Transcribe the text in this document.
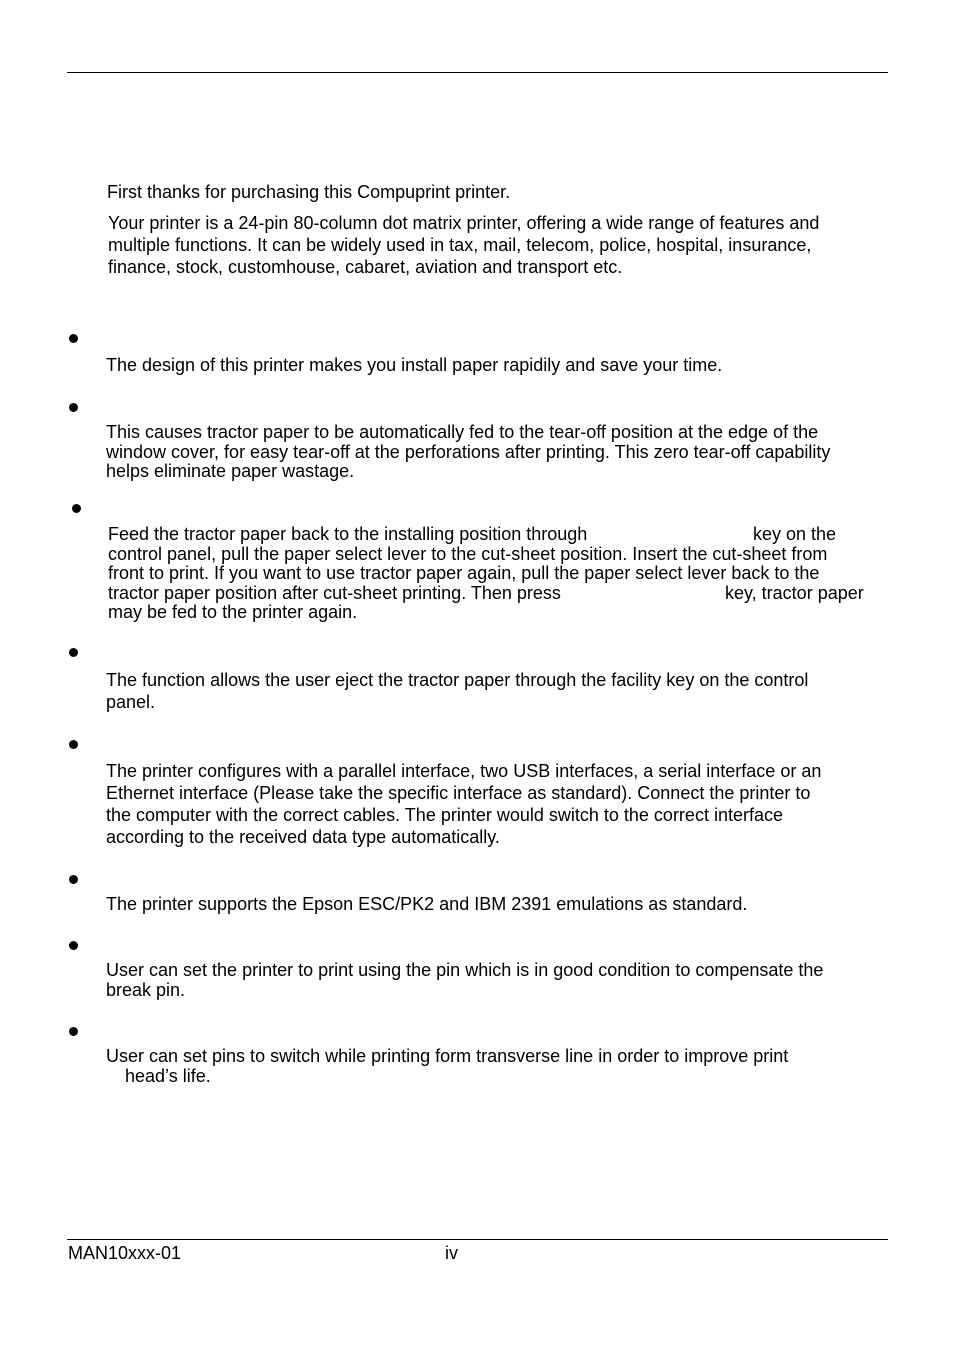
First thanks for purchasing this Compuprint printer.

Your printer is a 24-pin 80-column dot matrix printer, offering a wide range of features and
multiple functions. It can be widely used in tax, mail, telecom, police, hospital, insurance,
finance, stock, customhouse, cabaret, aviation and transport etc.
The design of this printer makes you install paper rapidily and save your time.
This causes tractor paper to be automatically fed to the tear-off position at the edge of the
window cover, for easy tear-off at the perforations after printing. This zero tear-off capability
helps eliminate paper wastage.
Feed the tractor paper back to the installing position through	key on the
control panel, pull the paper select lever to the cut-sheet position. Insert the cut-sheet from
front to print. If you want to use tractor paper again, pull the paper select lever back to the
tractor paper position after cut-sheet printing. Then press	key, tractor paper
may be fed to the printer again.
The function allows the user eject the tractor paper through the facility key on the control
panel.
The printer configures with a parallel interface, two USB interfaces, a serial interface or an
Ethernet interface (Please take the specific interface as standard). Connect the printer to
the computer with the correct cables. The printer would switch to the correct interface
according to the received data type automatically.
The printer supports the Epson ESC/PK2 and IBM 2391 emulations as standard.
User can set the printer to print using the pin which is in good condition to compensate the
break pin.
User can set pins to switch while printing form transverse line in order to improve print
head’s life.
MAN10xxx-01	iv
